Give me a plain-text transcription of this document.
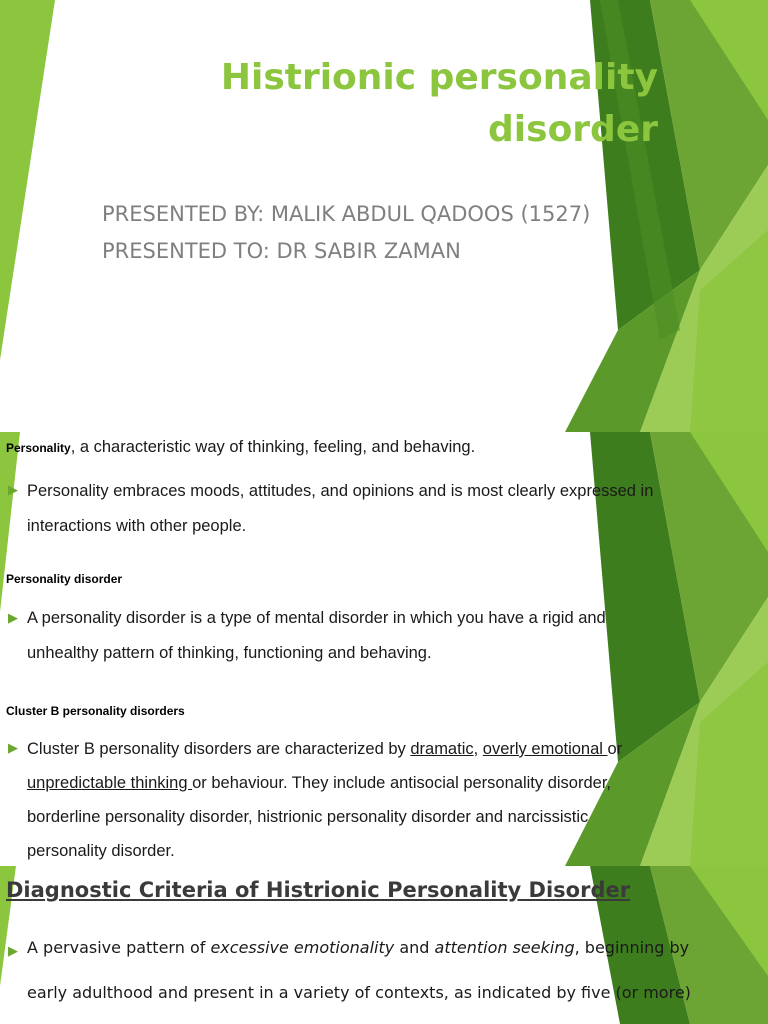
Histrionic personality disorder

PRESENTED BY: MALIK ABDUL QADOOS (1527)

PRESENTED TO: DR SABIR ZAMAN

Personality, a characteristic way of thinking, feeling, and behaving.
▶ Personality embraces moods, attitudes, and opinions and is most clearly expressed in
interactions with other people.
Personality disorder
▶ A personality disorder is a type of mental disorder in which you have a rigid and
unhealthy pattern of thinking, functioning and behaving.
Cluster B personality disorders
▶ Cluster B personality disorders are characterized by dramatic, overly emotional or
unpredictable thinking or behaviour. They include antisocial personality disorder,
borderline personality disorder, histrionic personality disorder and narcissistic
personality disorder.
Diagnostic Criteria of Histrionic Personality Disorder
▶ A pervasive pattern of excessive emotionality and attention seeking, beginning by
early adulthood and present in a variety of contexts, as indicated by five (or more)
